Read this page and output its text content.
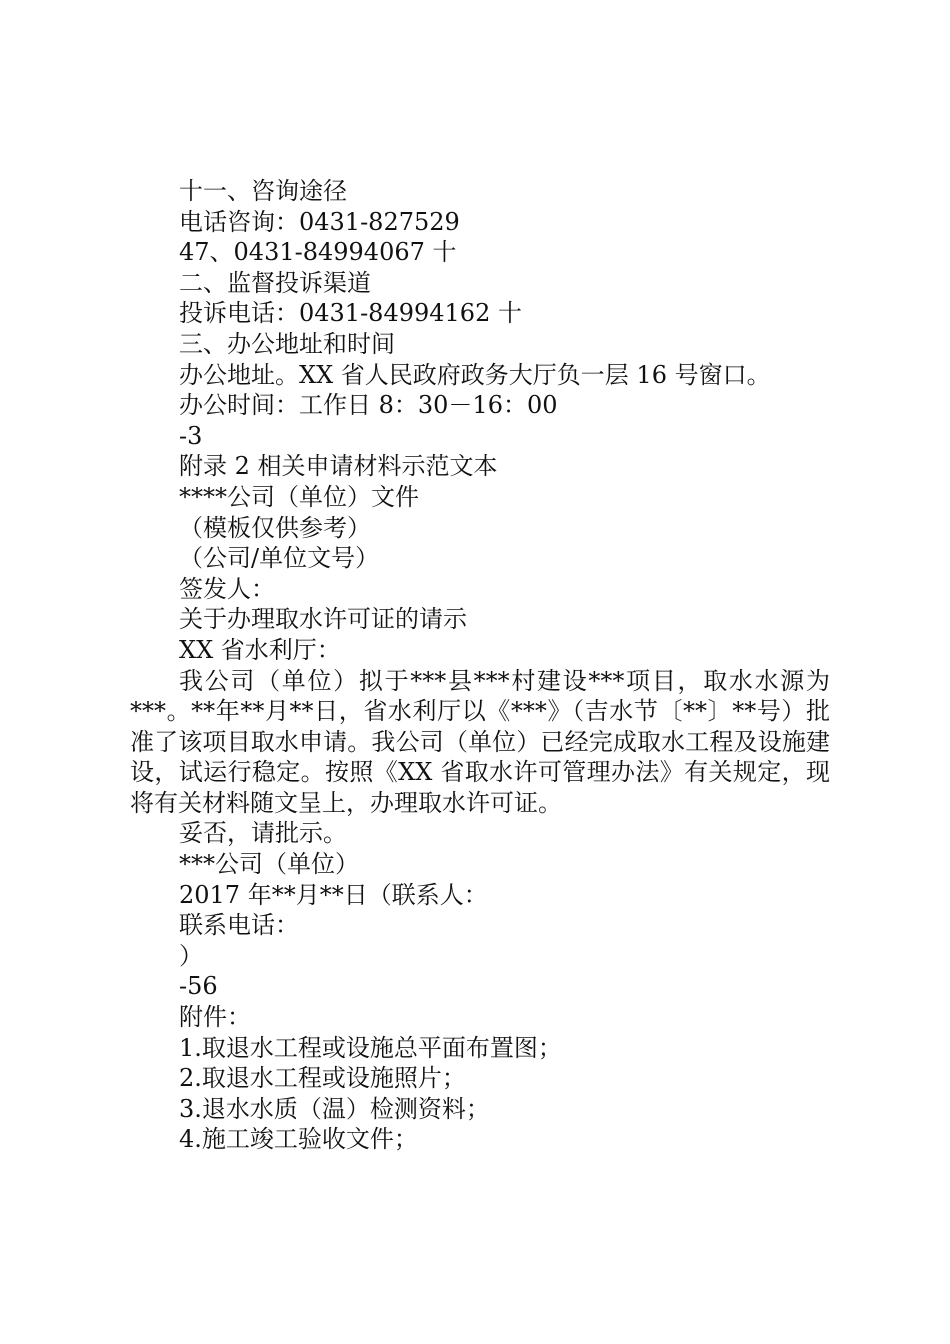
十一、咨询途径
电话咨询：0431-827529
47、0431-84994067 十
二、监督投诉渠道
投诉电话：0431-84994162 十
三、办公地址和时间
办公地址。XX 省人民政府政务大厅负一层 16 号窗口。
办公时间：工作日 8：30－16：00
-3
附录 2 相关申请材料示范文本
****公司（单位）文件
（模板仅供参考）
（公司/单位文号）
签发人：
关于办理取水许可证的请示
XX 省水利厅：
我公司（单位）拟于***县***村建设***项目，取水水源为***。**年**月**日，省水利厅以《***》（吉水节〔**〕**号）批准了该项目取水申请。我公司（单位）已经完成取水工程及设施建设，试运行稳定。按照《XX 省取水许可管理办法》有关规定，现将有关材料随文呈上，办理取水许可证。
妥否，请批示。
***公司（单位）
2017 年**月**日（联系人：
联系电话：
）
-56
附件：
1.取退水工程或设施总平面布置图；
2.取退水工程或设施照片；
3.退水水质（温）检测资料；
4.施工竣工验收文件；
